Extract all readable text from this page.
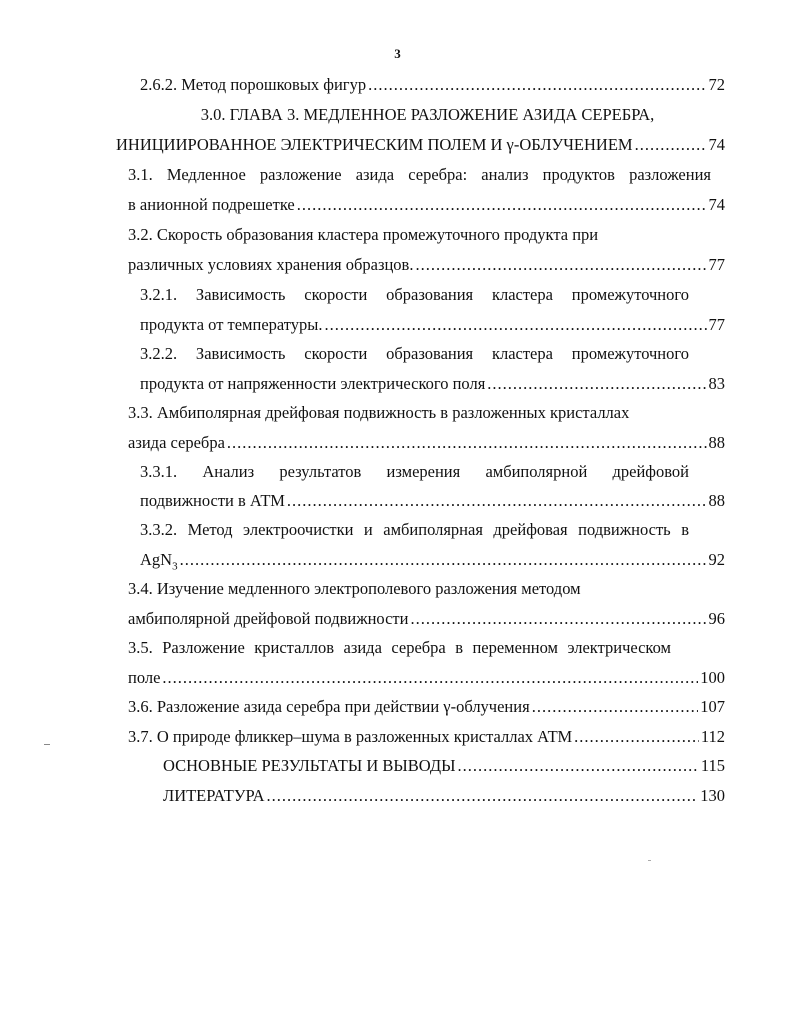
3
2.6.2. Метод порошковых фигур .....	72
3.0. ГЛАВА 3. МЕДЛЕННОЕ РАЗЛОЖЕНИЕ АЗИДА СЕРЕБРА,
ИНИЦИИРОВАННОЕ ЭЛЕКТРИЧЕСКИМ ПОЛЕМ И γ-ОБЛУЧЕНИЕМ .....	74
3.1. Медленное разложение азида серебра: анализ продуктов разложения
в анионной подрешетке .....	74
3.2. Скорость образования кластера промежуточного продукта при
различных условиях хранения образцов. .....	77
3.2.1. Зависимость скорости образования кластера промежуточного
продукта от температуры. .....	77
3.2.2. Зависимость скорости образования кластера промежуточного
продукта от напряженности электрического поля .....	83
3.3. Амбиполярная дрейфовая подвижность в разложенных кристаллах
азида серебра .....	88
3.3.1. Анализ результатов измерения амбиполярной дрейфовой
подвижности в АТМ .....	88
3.3.2. Метод электроочистки и амбиполярная дрейфовая подвижность в
AgN$_3$ .....	92
3.4. Изучение медленного электрополевого разложения методом
амбиполярной дрейфовой подвижности .....	96
3.5. Разложение кристаллов азида серебра в переменном электрическом
поле .....	100
3.6. Разложение азида серебра при действии γ-облучения .....	107
3.7. О природе фликкер–шума в разложенных кристаллах АТМ .....	112
ОСНОВНЫЕ РЕЗУЛЬТАТЫ И ВЫВОДЫ .....	115
ЛИТЕРАТУРА .....	130
